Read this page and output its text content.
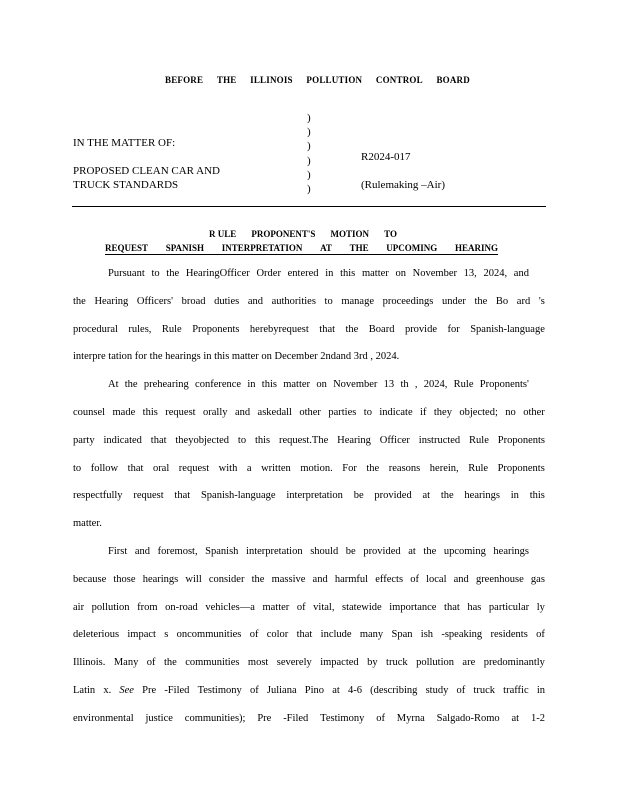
BEFORE THE ILLINOIS POLLUTION CONTROL BOARD
IN THE MATTER OF:
PROPOSED CLEAN CAR AND
TRUCK STANDARDS
)
)
)
)
)
)
R2024-017
(Rulemaking –Air)
R ULE PROPONENT'S MOTION TO
REQUEST SPANISH INTERPRETATION AT THE UPCOMING HEARING
Pursuant to the HearingOfficer Order entered in this matter on November 13, 2024, and
the Hearing Officers' broad duties and authorities to manage proceedings under the Bo ard 's
procedural rules, Rule Proponents herebyrequest that the Board provide for Spanish-language
interpre tation for the hearings in this matter on December 2ndand 3rd , 2024.
At the prehearing conference in this matter on November 13 th , 2024, Rule Proponents'
counsel made this request orally and askedall other parties to indicate if they objected; no other
party indicated that theyobjected to this request.The Hearing Officer instructed Rule Proponents
to follow that oral request with a written motion. For the reasons herein, Rule Proponents
respectfully request that Spanish-language interpretation be provided at the hearings in this
matter.
First and foremost, Spanish interpretation should be provided at the upcoming hearings
because those hearings will consider the massive and harmful effects of local and greenhouse gas
air pollution from on-road vehicles—a matter of vital, statewide importance that has particular ly
deleterious impact s oncommunities of color that include many Span ish -speaking residents of
Illinois. Many of the communities most severely impacted by truck pollution are predominantly
Latin x. See Pre -Filed Testimony of Juliana Pino at 4-6 (describing study of truck traffic in
environmental justice communities); Pre -Filed Testimony of Myrna Salgado-Romo at 1-2
